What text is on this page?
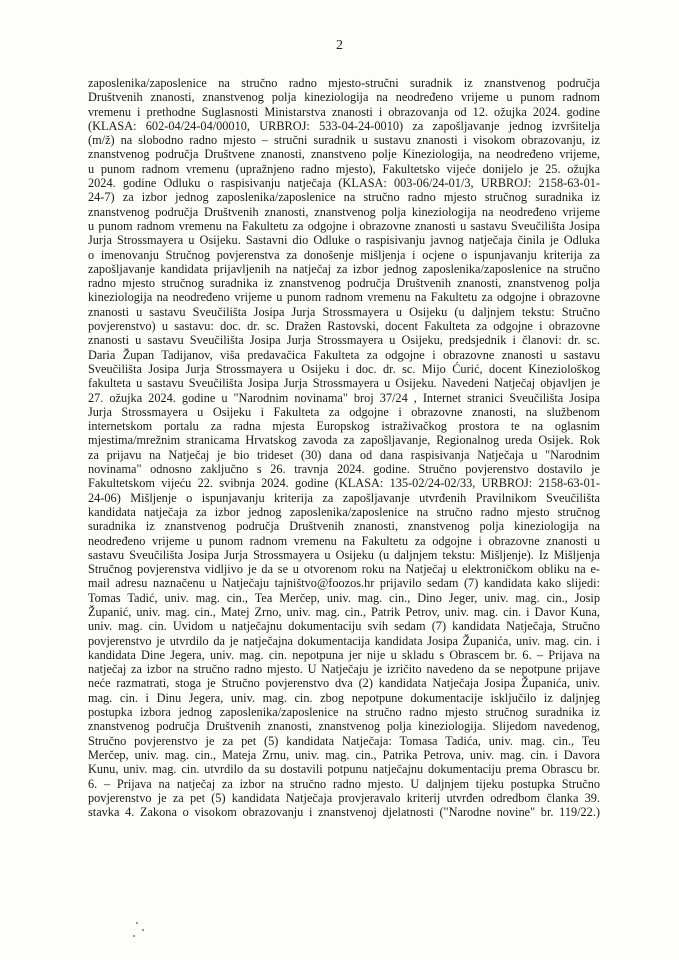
2
zaposlenika/zaposlenice na stručno radno mjesto-stručni suradnik iz znanstvenog područja
Društvenih znanosti, znanstvenog polja kineziologija na neodređeno vrijeme u punom radnom
vremenu i prethodne Suglasnosti Ministarstva znanosti i obrazovanja od 12. ožujka 2024. godine
(KLASA: 602-04/24-04/00010, URBROJ: 533-04-24-0010) za zapošljavanje jednog izvršitelja
(m/ž) na slobodno radno mjesto – stručni suradnik u sustavu znanosti i visokom obrazovanju, iz
znanstvenog područja Društvene znanosti, znanstveno polje Kineziologija, na neodređeno vrijeme,
u punom radnom vremenu (upražnjeno radno mjesto), Fakultetsko vijeće donijelo je 25. ožujka
2024. godine Odluku o raspisivanju natječaja (KLASA: 003-06/24-01/3, URBROJ: 2158-63-01-
24-7) za izbor jednog zaposlenika/zaposlenice na stručno radno mjesto stručnog suradnika iz
znanstvenog područja Društvenih znanosti, znanstvenog polja kineziologija na neodređeno vrijeme
u punom radnom vremenu na Fakultetu za odgojne i obrazovne znanosti u sastavu Sveučilišta Josipa
Jurja Strossmayera u Osijeku. Sastavni dio Odluke o raspisivanju javnog natječaja činila je Odluka
o imenovanju Stručnog povjerenstva za donošenje mišljenja i ocjene o ispunjavanju kriterija za
zapošljavanje kandidata prijavljenih na natječaj za izbor jednog zaposlenika/zaposlenice na stručno
radno mjesto stručnog suradnika iz znanstvenog područja Društvenih znanosti, znanstvenog polja
kineziologija na neodređeno vrijeme u punom radnom vremenu na Fakultetu za odgojne i obrazovne
znanosti u sastavu Sveučilišta Josipa Jurja Strossmayera u Osijeku (u daljnjem tekstu: Stručno
povjerenstvo) u sastavu: doc. dr. sc. Dražen Rastovski, docent Fakulteta za odgojne i obrazovne
znanosti u sastavu Sveučilišta Josipa Jurja Strossmayera u Osijeku, predsjednik i članovi: dr. sc.
Daria Župan Tadijanov, viša predavačica Fakulteta za odgojne i obrazovne znanosti u sastavu
Sveučilišta Josipa Jurja Strossmayera u Osijeku i doc. dr. sc. Mijo Ćurić, docent Kineziološkog
fakulteta u sastavu Sveučilišta Josipa Jurja Strossmayera u Osijeku. Navedeni Natječaj objavljen je
27. ožujka 2024. godine u "Narodnim novinama" broj 37/24 , Internet stranici Sveučilišta Josipa
Jurja Strossmayera u Osijeku i Fakulteta za odgojne i obrazovne znanosti, na službenom
internetskom portalu za radna mjesta Europskog istraživačkog prostora te na oglasnim
mjestima/mrežnim stranicama Hrvatskog zavoda za zapošljavanje, Regionalnog ureda Osijek. Rok
za prijavu na Natječaj je bio trideset (30) dana od dana raspisivanja Natječaja u "Narodnim
novinama" odnosno zaključno s 26. travnja 2024. godine. Stručno povjerenstvo dostavilo je
Fakultetskom vijeću 22. svibnja 2024. godine (KLASA: 135-02/24-02/33, URBROJ: 2158-63-01-
24-06) Mišljenje o ispunjavanju kriterija za zapošljavanje utvrđenih Pravilnikom Sveučilišta
kandidata natječaja za izbor jednog zaposlenika/zaposlenice na stručno radno mjesto stručnog
suradnika iz znanstvenog područja Društvenih znanosti, znanstvenog polja kineziologija na
neodređeno vrijeme u punom radnom vremenu na Fakultetu za odgojne i obrazovne znanosti u
sastavu Sveučilišta Josipa Jurja Strossmayera u Osijeku (u daljnjem tekstu: Mišljenje). Iz Mišljenja
Stručnog povjerenstva vidljivo je da se u otvorenom roku na Natječaj u elektroničkom obliku na e-
mail adresu naznačenu u Natječaju tajništvo@foozos.hr prijavilo sedam (7) kandidata kako slijedi:
Tomas Tadić, univ. mag. cin., Tea Merčep, univ. mag. cin., Dino Jeger, univ. mag. cin., Josip
Županić, univ. mag. cin., Matej Zrno, univ. mag. cin., Patrik Petrov, univ. mag. cin. i Davor Kuna,
univ. mag. cin. Uvidom u natječajnu dokumentaciju svih sedam (7) kandidata Natječaja, Stručno
povjerenstvo je utvrdilo da je natječajna dokumentacija kandidata Josipa Županića, univ. mag. cin. i
kandidata Dine Jegera, univ. mag. cin. nepotpuna jer nije u skladu s Obrascem br. 6. – Prijava na
natječaj za izbor na stručno radno mjesto. U Natječaju je izričito navedeno da se nepotpune prijave
neće razmatrati, stoga je Stručno povjerenstvo dva (2) kandidata Natječaja Josipa Županića, univ.
mag. cin. i Dinu Jegera, univ. mag. cin. zbog nepotpune dokumentacije isključilo iz daljnjeg
postupka izbora jednog zaposlenika/zaposlenice na stručno radno mjesto stručnog suradnika iz
znanstvenog područja Društvenih znanosti, znanstvenog polja kineziologija. Slijedom navedenog,
Stručno povjerenstvo je za pet (5) kandidata Natječaja: Tomasa Tadića, univ. mag. cin., Teu
Merčep, univ. mag. cin., Mateja Zrnu, univ. mag. cin., Patrika Petrova, univ. mag. cin. i Davora
Kunu, univ. mag. cin. utvrdilo da su dostavili potpunu natječajnu dokumentaciju prema Obrascu br.
6. – Prijava na natječaj za izbor na stručno radno mjesto. U daljnjem tijeku postupka Stručno
povjerenstvo je za pet (5) kandidata Natječaja provjeravalo kriterij utvrđen odredbom članka 39.
stavka 4. Zakona o visokom obrazovanju i znanstvenoj djelatnosti ("Narodne novine" br. 119/22.)
